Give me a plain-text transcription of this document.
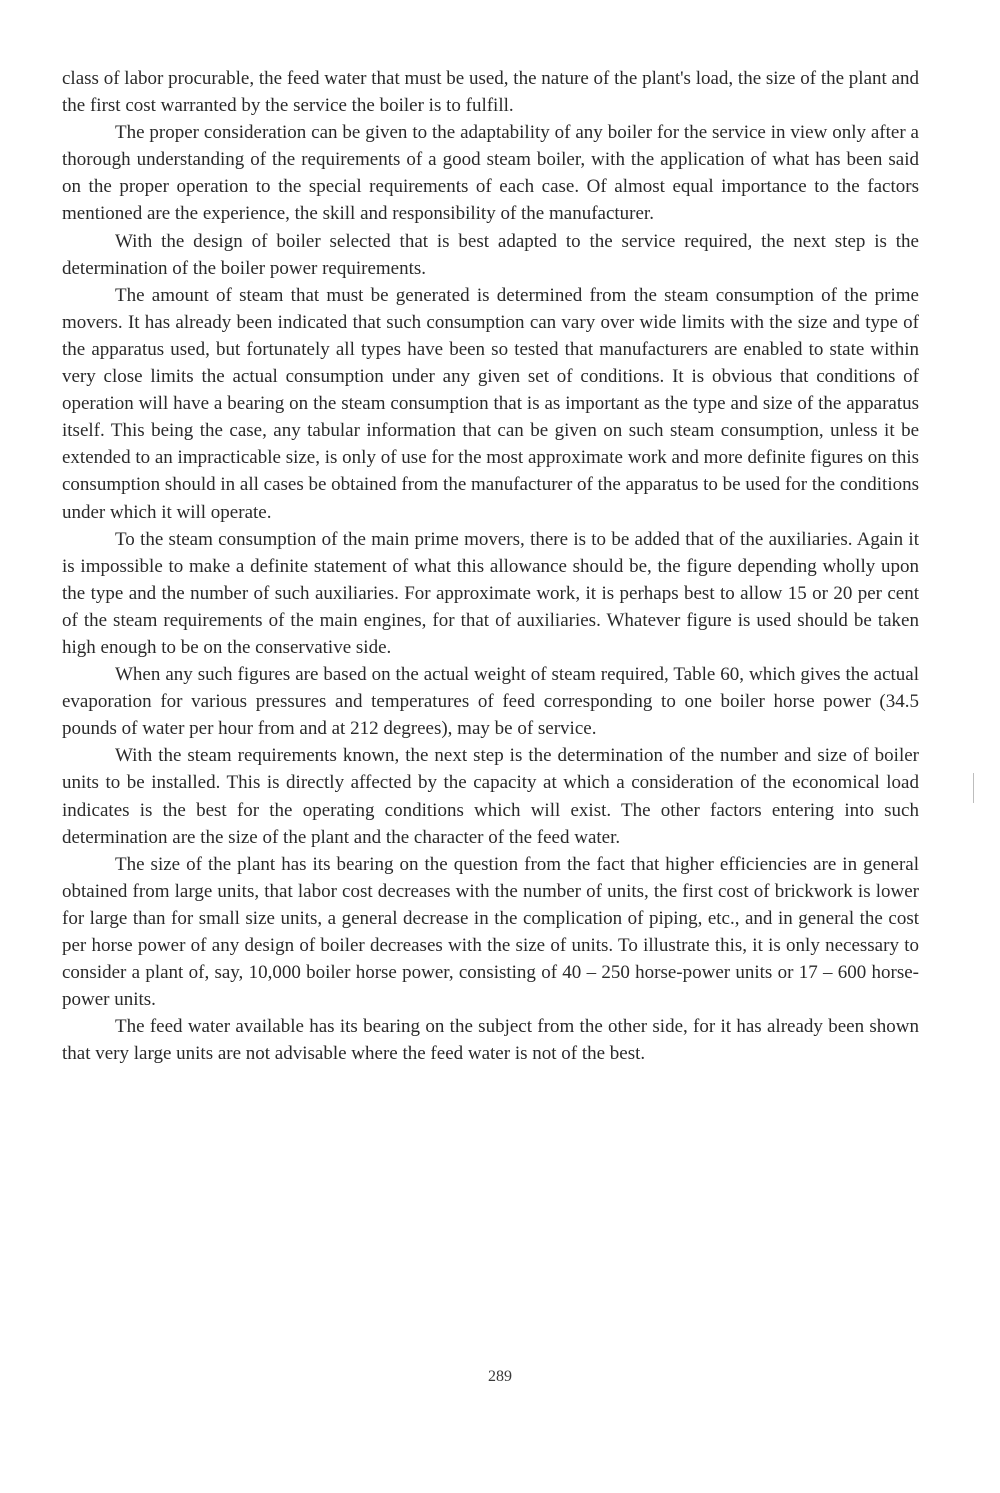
class of labor procurable, the feed water that must be used, the nature of the plant's load, the size of the plant and the first cost warranted by the service the boiler is to fulfill.

The proper consideration can be given to the adaptability of any boiler for the service in view only after a thorough understanding of the requirements of a good steam boiler, with the application of what has been said on the proper operation to the special requirements of each case. Of almost equal importance to the factors mentioned are the experience, the skill and responsibility of the manufacturer.

With the design of boiler selected that is best adapted to the service required, the next step is the determination of the boiler power requirements.

The amount of steam that must be generated is determined from the steam consumption of the prime movers. It has already been indicated that such consumption can vary over wide limits with the size and type of the apparatus used, but fortunately all types have been so tested that manufacturers are enabled to state within very close limits the actual consumption under any given set of conditions. It is obvious that conditions of operation will have a bearing on the steam consumption that is as important as the type and size of the apparatus itself. This being the case, any tabular information that can be given on such steam consumption, unless it be extended to an impracticable size, is only of use for the most approximate work and more definite figures on this consumption should in all cases be obtained from the manufacturer of the apparatus to be used for the conditions under which it will operate.

To the steam consumption of the main prime movers, there is to be added that of the auxiliaries. Again it is impossible to make a definite statement of what this allowance should be, the figure depending wholly upon the type and the number of such auxiliaries. For approximate work, it is perhaps best to allow 15 or 20 per cent of the steam requirements of the main engines, for that of auxiliaries. Whatever figure is used should be taken high enough to be on the conservative side.

When any such figures are based on the actual weight of steam required, Table 60, which gives the actual evaporation for various pressures and temperatures of feed corresponding to one boiler horse power (34.5 pounds of water per hour from and at 212 degrees), may be of service.

With the steam requirements known, the next step is the determination of the number and size of boiler units to be installed. This is directly affected by the capacity at which a consideration of the economical load indicates is the best for the operating conditions which will exist. The other factors entering into such determination are the size of the plant and the character of the feed water.

The size of the plant has its bearing on the question from the fact that higher efficiencies are in general obtained from large units, that labor cost decreases with the number of units, the first cost of brickwork is lower for large than for small size units, a general decrease in the complication of piping, etc., and in general the cost per horse power of any design of boiler decreases with the size of units. To illustrate this, it is only necessary to consider a plant of, say, 10,000 boiler horse power, consisting of 40 – 250 horse-power units or 17 – 600 horse-power units.

The feed water available has its bearing on the subject from the other side, for it has already been shown that very large units are not advisable where the feed water is not of the best.

289
